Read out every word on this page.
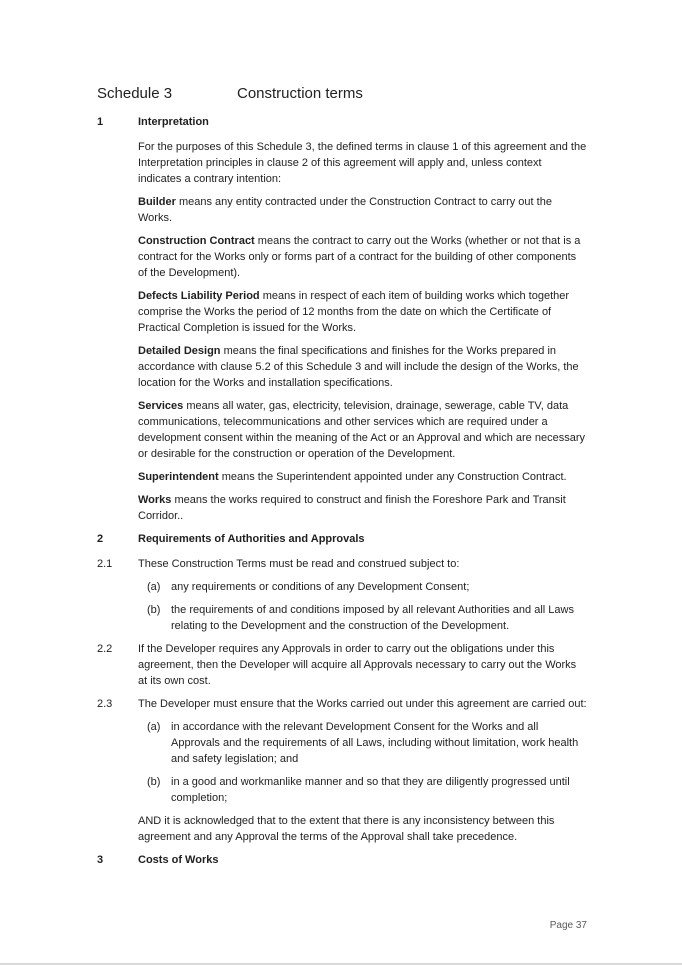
Schedule 3	Construction terms
1	Interpretation

For the purposes of this Schedule 3, the defined terms in clause 1 of this agreement and the Interpretation principles in clause 2 of this agreement will apply and, unless context indicates a contrary intention:

Builder means any entity contracted under the Construction Contract to carry out the Works.

Construction Contract means the contract to carry out the Works (whether or not that is a contract for the Works only or forms part of a contract for the building of other components of the Development).

Defects Liability Period means in respect of each item of building works which together comprise the Works the period of 12 months from the date on which the Certificate of Practical Completion is issued for the Works.

Detailed Design means the final specifications and finishes for the Works prepared in accordance with clause 5.2 of this Schedule 3 and will include the design of the Works, the location for the Works and installation specifications.

Services means all water, gas, electricity, television, drainage, sewerage, cable TV, data communications, telecommunications and other services which are required under a development consent within the meaning of the Act or an Approval and which are necessary or desirable for the construction or operation of the Development.

Superintendent means the Superintendent appointed under any Construction Contract.

Works means the works required to construct and finish the Foreshore Park and Transit Corridor..

2	Requirements of Authorities and Approvals
2.1	These Construction Terms must be read and construed subject to:

(a) any requirements or conditions of any Development Consent;

(b) the requirements of and conditions imposed by all relevant Authorities and all Laws relating to the Development and the construction of the Development.

2.2	If the Developer requires any Approvals in order to carry out the obligations under this agreement, then the Developer will acquire all Approvals necessary to carry out the Works at its own cost.

2.3	The Developer must ensure that the Works carried out under this agreement are carried out:

(a) in accordance with the relevant Development Consent for the Works and all Approvals and the requirements of all Laws, including without limitation, work health and safety legislation; and

(b) in a good and workmanlike manner and so that they are diligently progressed until completion;

AND it is acknowledged that to the extent that there is any inconsistency between this agreement and any Approval the terms of the Approval shall take precedence.

3	Costs of Works
Page 37
